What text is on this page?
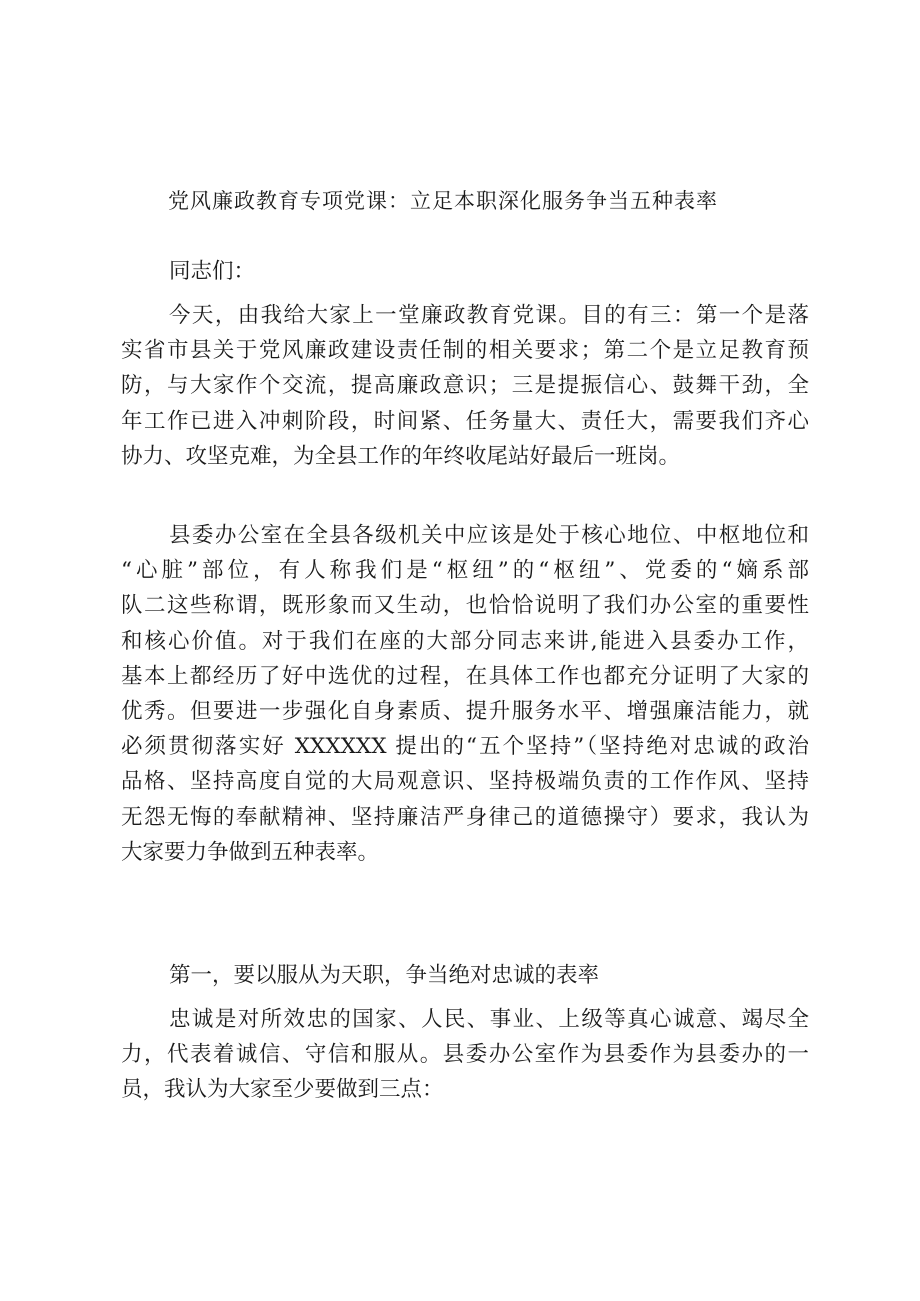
党风廉政教育专项党课：立足本职深化服务争当五种表率

同志们：

今天，由我给大家上一堂廉政教育党课。目的有三：第一个是落
实省市县关于党风廉政建设责任制的相关要求；第二个是立足教育预
防，与大家作个交流，提高廉政意识；三是提振信心、鼓舞干劲，全
年工作已进入冲刺阶段，时间紧、任务量大、责任大，需要我们齐心
协力、攻坚克难，为全县工作的年终收尾站好最后一班岗。

县委办公室在全县各级机关中应该是处于核心地位、中枢地位和
“心脏”部位，有人称我们是“枢纽”的“枢纽”、党委的“嫡系部
队二这些称谓，既形象而又生动，也恰恰说明了我们办公室的重要性
和核心价值。对于我们在座的大部分同志来讲,能进入县委办工作，
基本上都经历了好中选优的过程，在具体工作也都充分证明了大家的
优秀。但要进一步强化自身素质、提升服务水平、增强廉洁能力，就
必须贯彻落实好 XXXXXX 提出的“五个坚持”（坚持绝对忠诚的政治
品格、坚持高度自觉的大局观意识、坚持极端负责的工作作风、坚持
无怨无悔的奉献精神、坚持廉洁严身律己的道德操守）要求，我认为
大家要力争做到五种表率。

第一，要以服从为天职，争当绝对忠诚的表率

忠诚是对所效忠的国家、人民、事业、上级等真心诚意、竭尽全
力，代表着诚信、守信和服从。县委办公室作为县委作为县委办的一
员，我认为大家至少要做到三点：
